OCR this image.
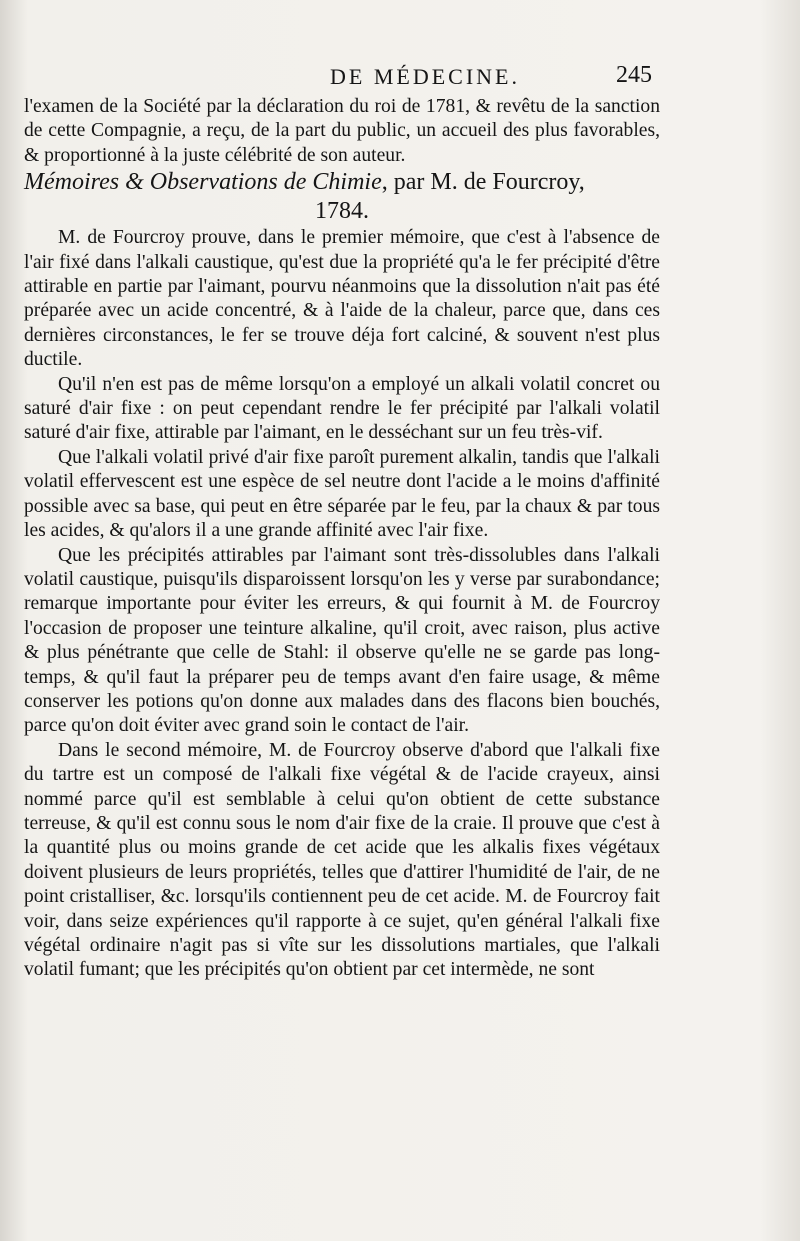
DE MÉDECINE.	245

l'examen de la Société par la déclaration du roi de 1781, & revêtu de la sanction de cette Compagnie, a reçu, de la part du public, un accueil des plus favorables, & proportionné à la juste célébrité de son auteur.

Mémoires & Observations de Chimie, par M. de Fourcroy,

1784.

M. de Fourcroy prouve, dans le premier mémoire, que c'est à l'absence de l'air fixé dans l'alkali caustique, qu'est due la propriété qu'a le fer précipité d'être attirable en partie par l'aimant, pourvu néanmoins que la dissolution n'ait pas été préparée avec un acide concentré, & à l'aide de la chaleur, parce que, dans ces dernières circonstances, le fer se trouve déja fort calciné, & souvent n'est plus ductile.

Qu'il n'en est pas de même lorsqu'on a employé un alkali volatil concret ou saturé d'air fixe : on peut cependant rendre le fer précipité par l'alkali volatil saturé d'air fixe, attirable par l'aimant, en le desséchant sur un feu très-vif.

Que l'alkali volatil privé d'air fixe paroît purement alkalin, tandis que l'alkali volatil effervescent est une espèce de sel neutre dont l'acide a le moins d'affinité possible avec sa base, qui peut en être séparée par le feu, par la chaux & par tous les acides, & qu'alors il a une grande affinité avec l'air fixe.

Que les précipités attirables par l'aimant sont très-dissolubles dans l'alkali volatil caustique, puisqu'ils disparoissent lorsqu'on les y verse par surabondance; remarque importante pour éviter les erreurs, & qui fournit à M. de Fourcroy l'occasion de proposer une teinture alkaline, qu'il croit, avec raison, plus active & plus pénétrante que celle de Stahl: il observe qu'elle ne se garde pas long-temps, & qu'il faut la préparer peu de temps avant d'en faire usage, & même conserver les potions qu'on donne aux malades dans des flacons bien bouchés, parce qu'on doit éviter avec grand soin le contact de l'air.

Dans le second mémoire, M. de Fourcroy observe d'abord que l'alkali fixe du tartre est un composé de l'alkali fixe végétal & de l'acide crayeux, ainsi nommé parce qu'il est semblable à celui qu'on obtient de cette substance terreuse, & qu'il est connu sous le nom d'air fixe de la craie. Il prouve que c'est à la quantité plus ou moins grande de cet acide que les alkalis fixes végétaux doivent plusieurs de leurs propriétés, telles que d'attirer l'humidité de l'air, de ne point cristalliser, &c. lorsqu'ils contiennent peu de cet acide. M. de Fourcroy fait voir, dans seize expériences qu'il rapporte à ce sujet, qu'en général l'alkali fixe végétal ordinaire n'agit pas si vîte sur les dissolutions martiales, que l'alkali volatil fumant; que les précipités qu'on obtient par cet intermède, ne sont
